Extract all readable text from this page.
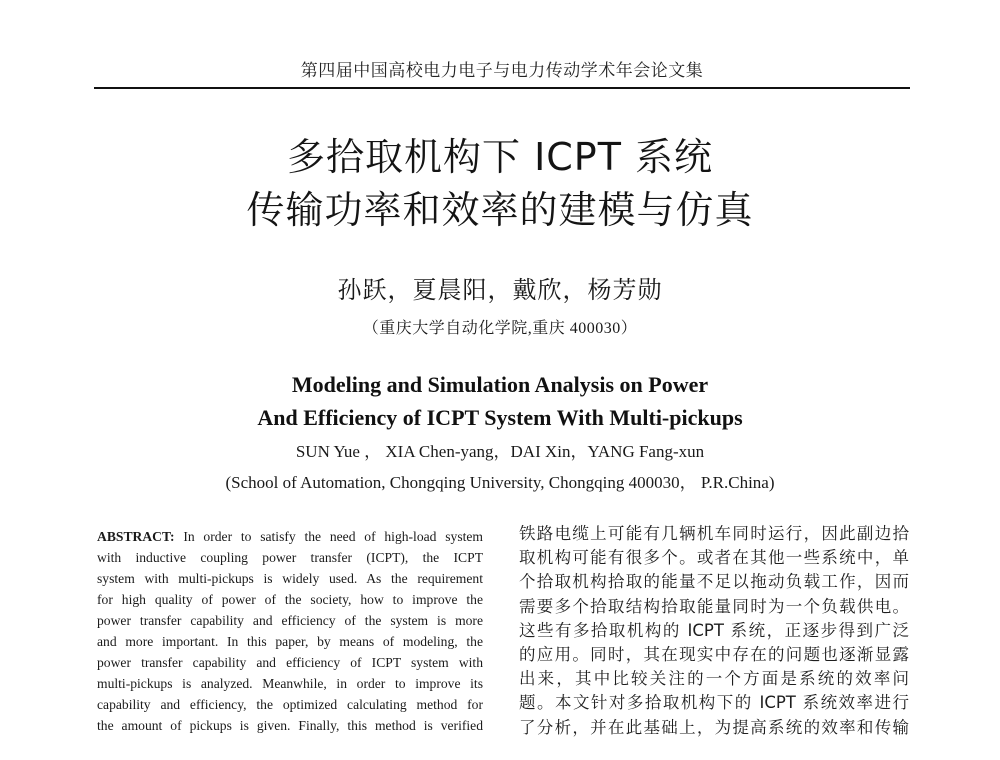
第四届中国高校电力电子与电力传动学术年会论文集
多拾取机构下 ICPT 系统
传输功率和效率的建模与仿真
孙跃，夏晨阳，戴欣，杨芳勋
（重庆大学自动化学院,重庆 400030）
Modeling and Simulation Analysis on Power
And Efficiency of ICPT System With Multi-pickups
SUN Yue ， XIA Chen-yang，DAI Xin，YANG Fang-xun
(School of Automation, Chongqing University, Chongqing 400030， P.R.China)
ABSTRACT: In order to satisfy the need of high-load system
with inductive coupling power transfer (ICPT), the ICPT
system with multi-pickups is widely used. As the requirement
for high quality of power of the society, how to improve the
power transfer capability and efficiency of the system is more
and more important. In this paper, by means of modeling, the
power transfer capability and efficiency of ICPT system with
multi-pickups is analyzed. Meanwhile, in order to improve its
capability and efficiency, the optimized calculating method for
the amount of pickups is given. Finally, this method is verified
铁路电缆上可能有几辆机车同时运行，因此副边拾
取机构可能有很多个。或者在其他一些系统中，单
个拾取机构拾取的能量不足以拖动负载工作，因而
需要多个拾取结构拾取能量同时为一个负载供电。
这些有多拾取机构的 ICPT 系统，正逐步得到广泛
的应用。同时，其在现实中存在的问题也逐渐显露
出来，其中比较关注的一个方面是系统的效率问
题。本文针对多拾取机构下的 ICPT 系统效率进行
了分析，并在此基础上，为提高系统的效率和传输
